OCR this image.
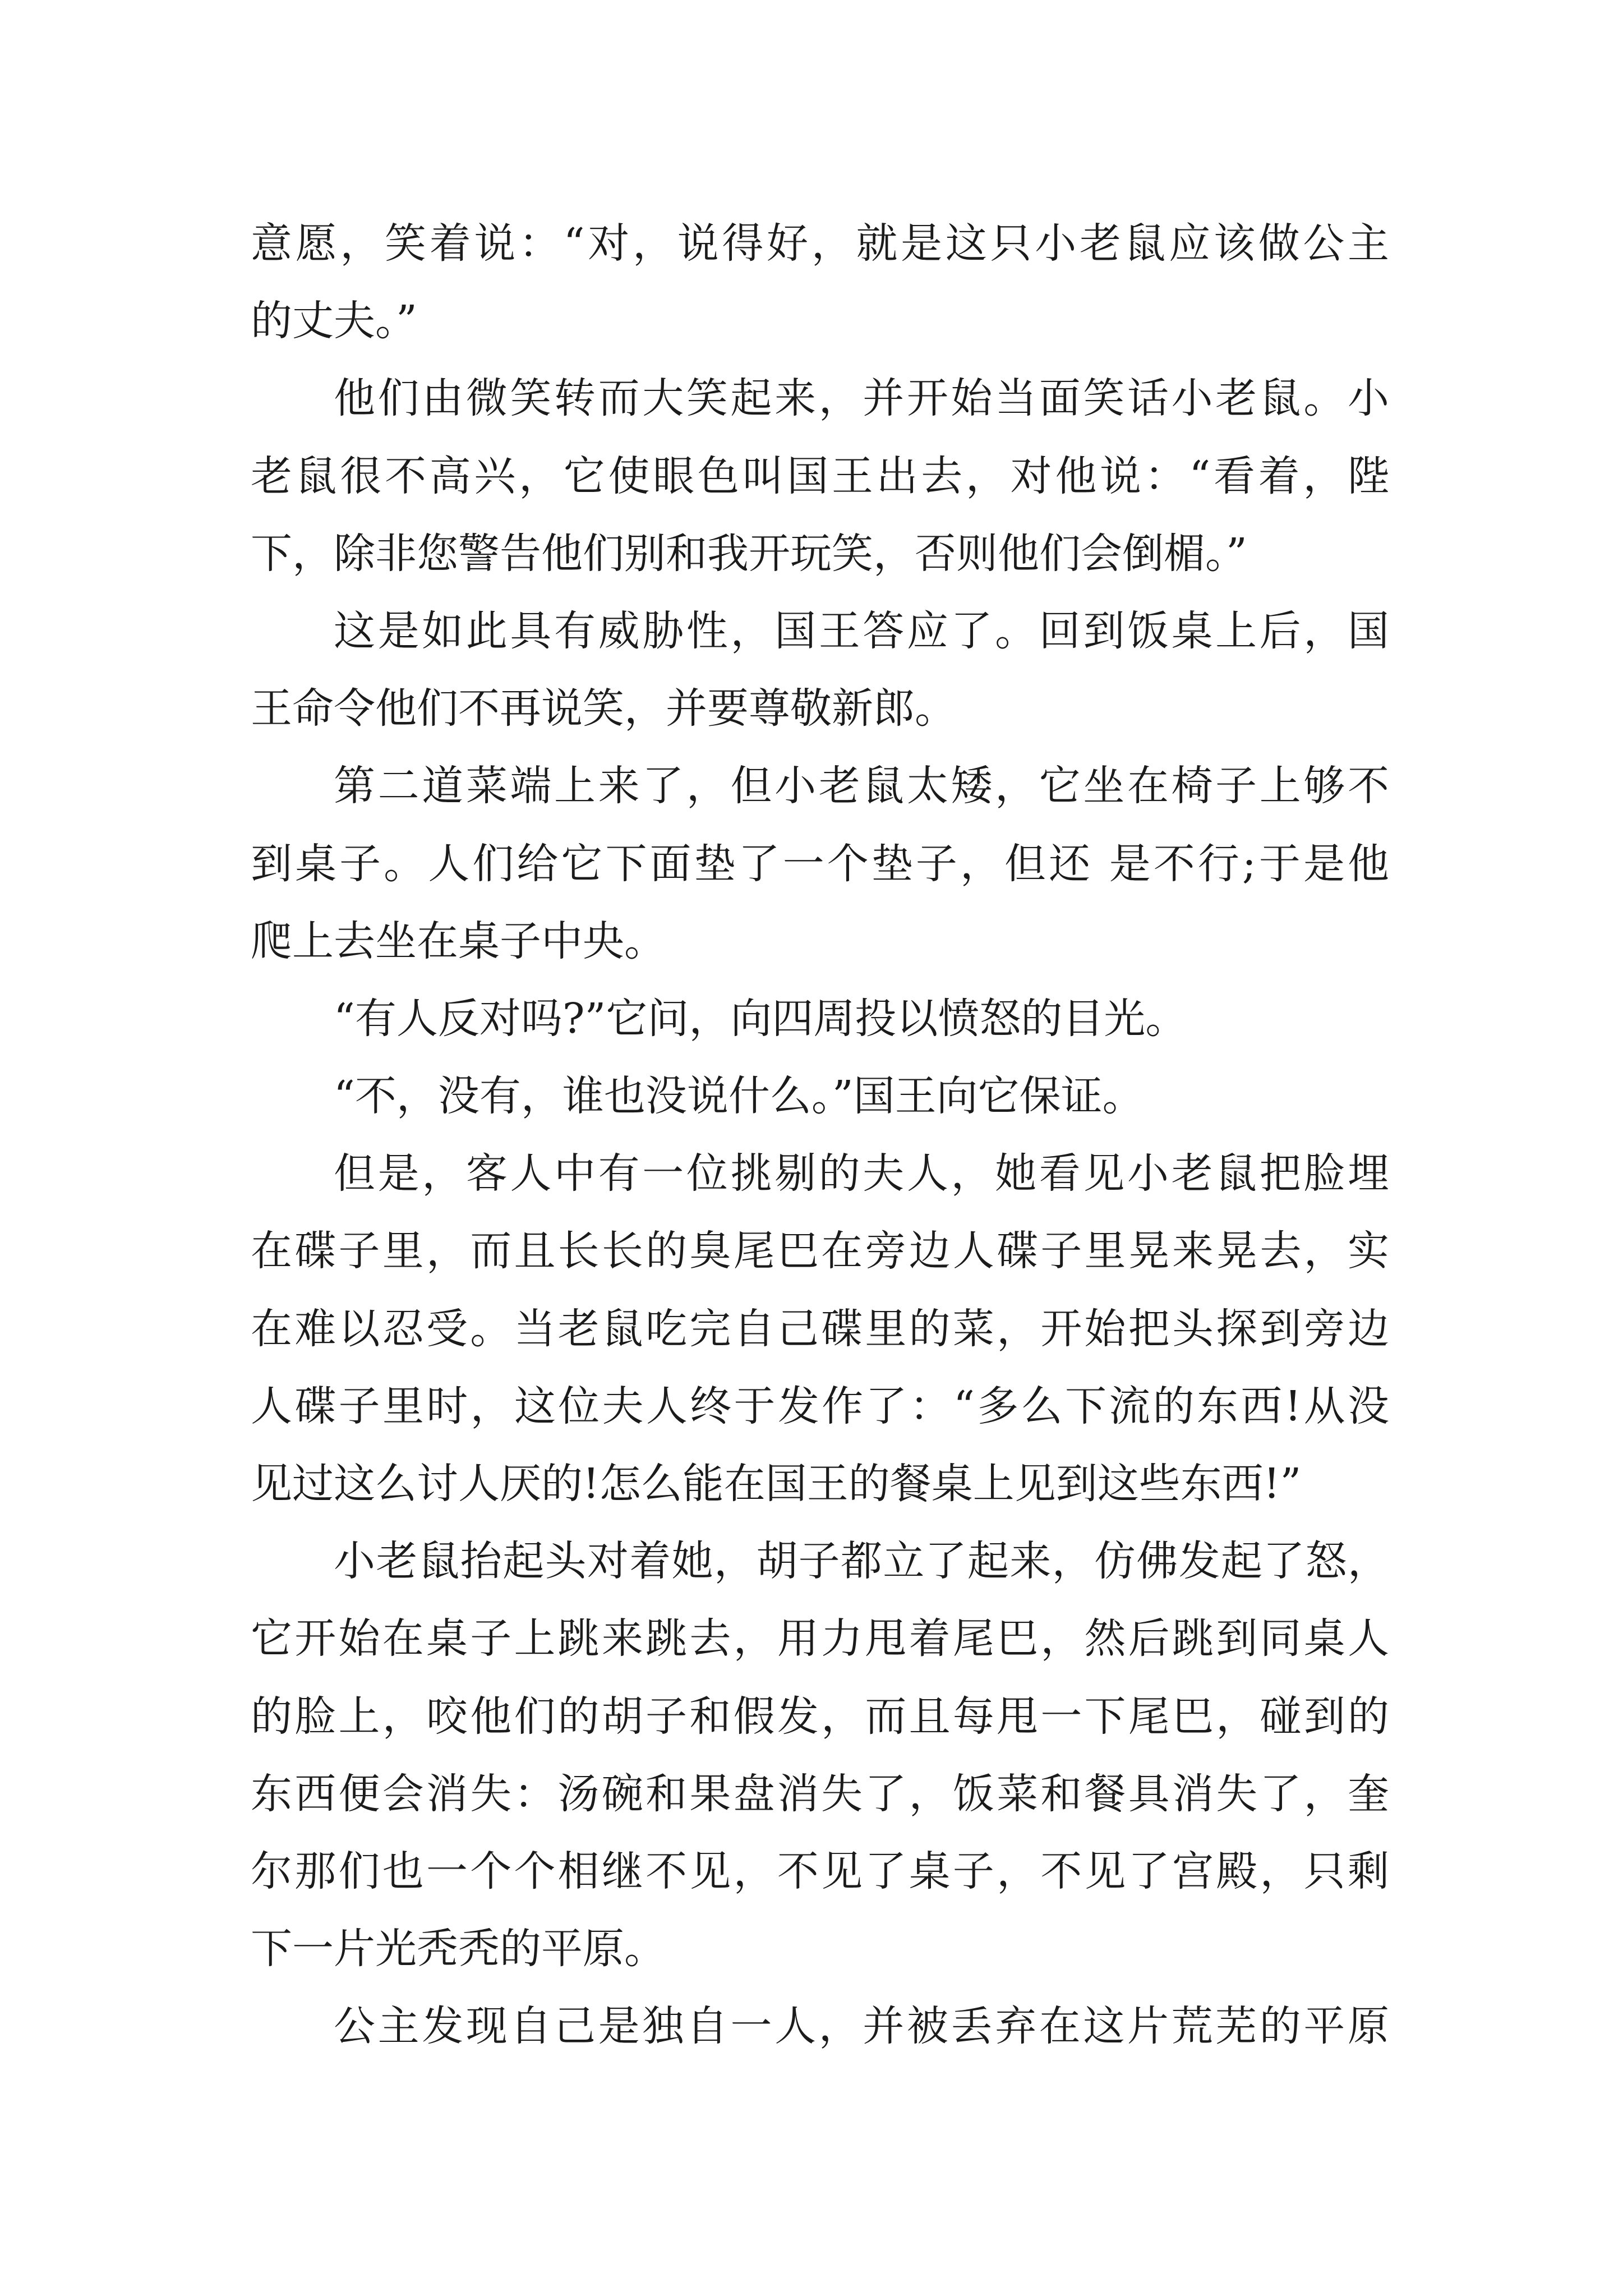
意愿，笑着说：“对，说得好，就是这只小老鼠应该做公主
的丈夫。”
他们由微笑转而大笑起来，并开始当面笑话小老鼠。小
老鼠很不高兴，它使眼色叫国王出去，对他说：“看着，陛
下，除非您警告他们别和我开玩笑，否则他们会倒楣。”
这是如此具有威胁性，国王答应了。回到饭桌上后，国
王命令他们不再说笑，并要尊敬新郎。
第二道菜端上来了，但小老鼠太矮，它坐在椅子上够不
到桌子。人们给它下面垫了一个垫子，但还 是不行;于是他
爬上去坐在桌子中央。
“有人反对吗?”它问，向四周投以愤怒的目光。
“不，没有，谁也没说什么。”国王向它保证。
但是，客人中有一位挑剔的夫人，她看见小老鼠把脸埋
在碟子里，而且长长的臭尾巴在旁边人碟子里晃来晃去，实
在难以忍受。当老鼠吃完自己碟里的菜，开始把头探到旁边
人碟子里时，这位夫人终于发作了：“多么下流的东西!从没
见过这么讨人厌的!怎么能在国王的餐桌上见到这些东西!”
小老鼠抬起头对着她，胡子都立了起来，仿佛发起了怒，
它开始在桌子上跳来跳去，用力甩着尾巴，然后跳到同桌人
的脸上，咬他们的胡子和假发，而且每甩一下尾巴，碰到的
东西便会消失：汤碗和果盘消失了，饭菜和餐具消失了，奎
尔那们也一个个相继不见，不见了桌子，不见了宫殿，只剩
下一片光秃秃的平原。
公主发现自己是独自一人，并被丢弃在这片荒芜的平原
